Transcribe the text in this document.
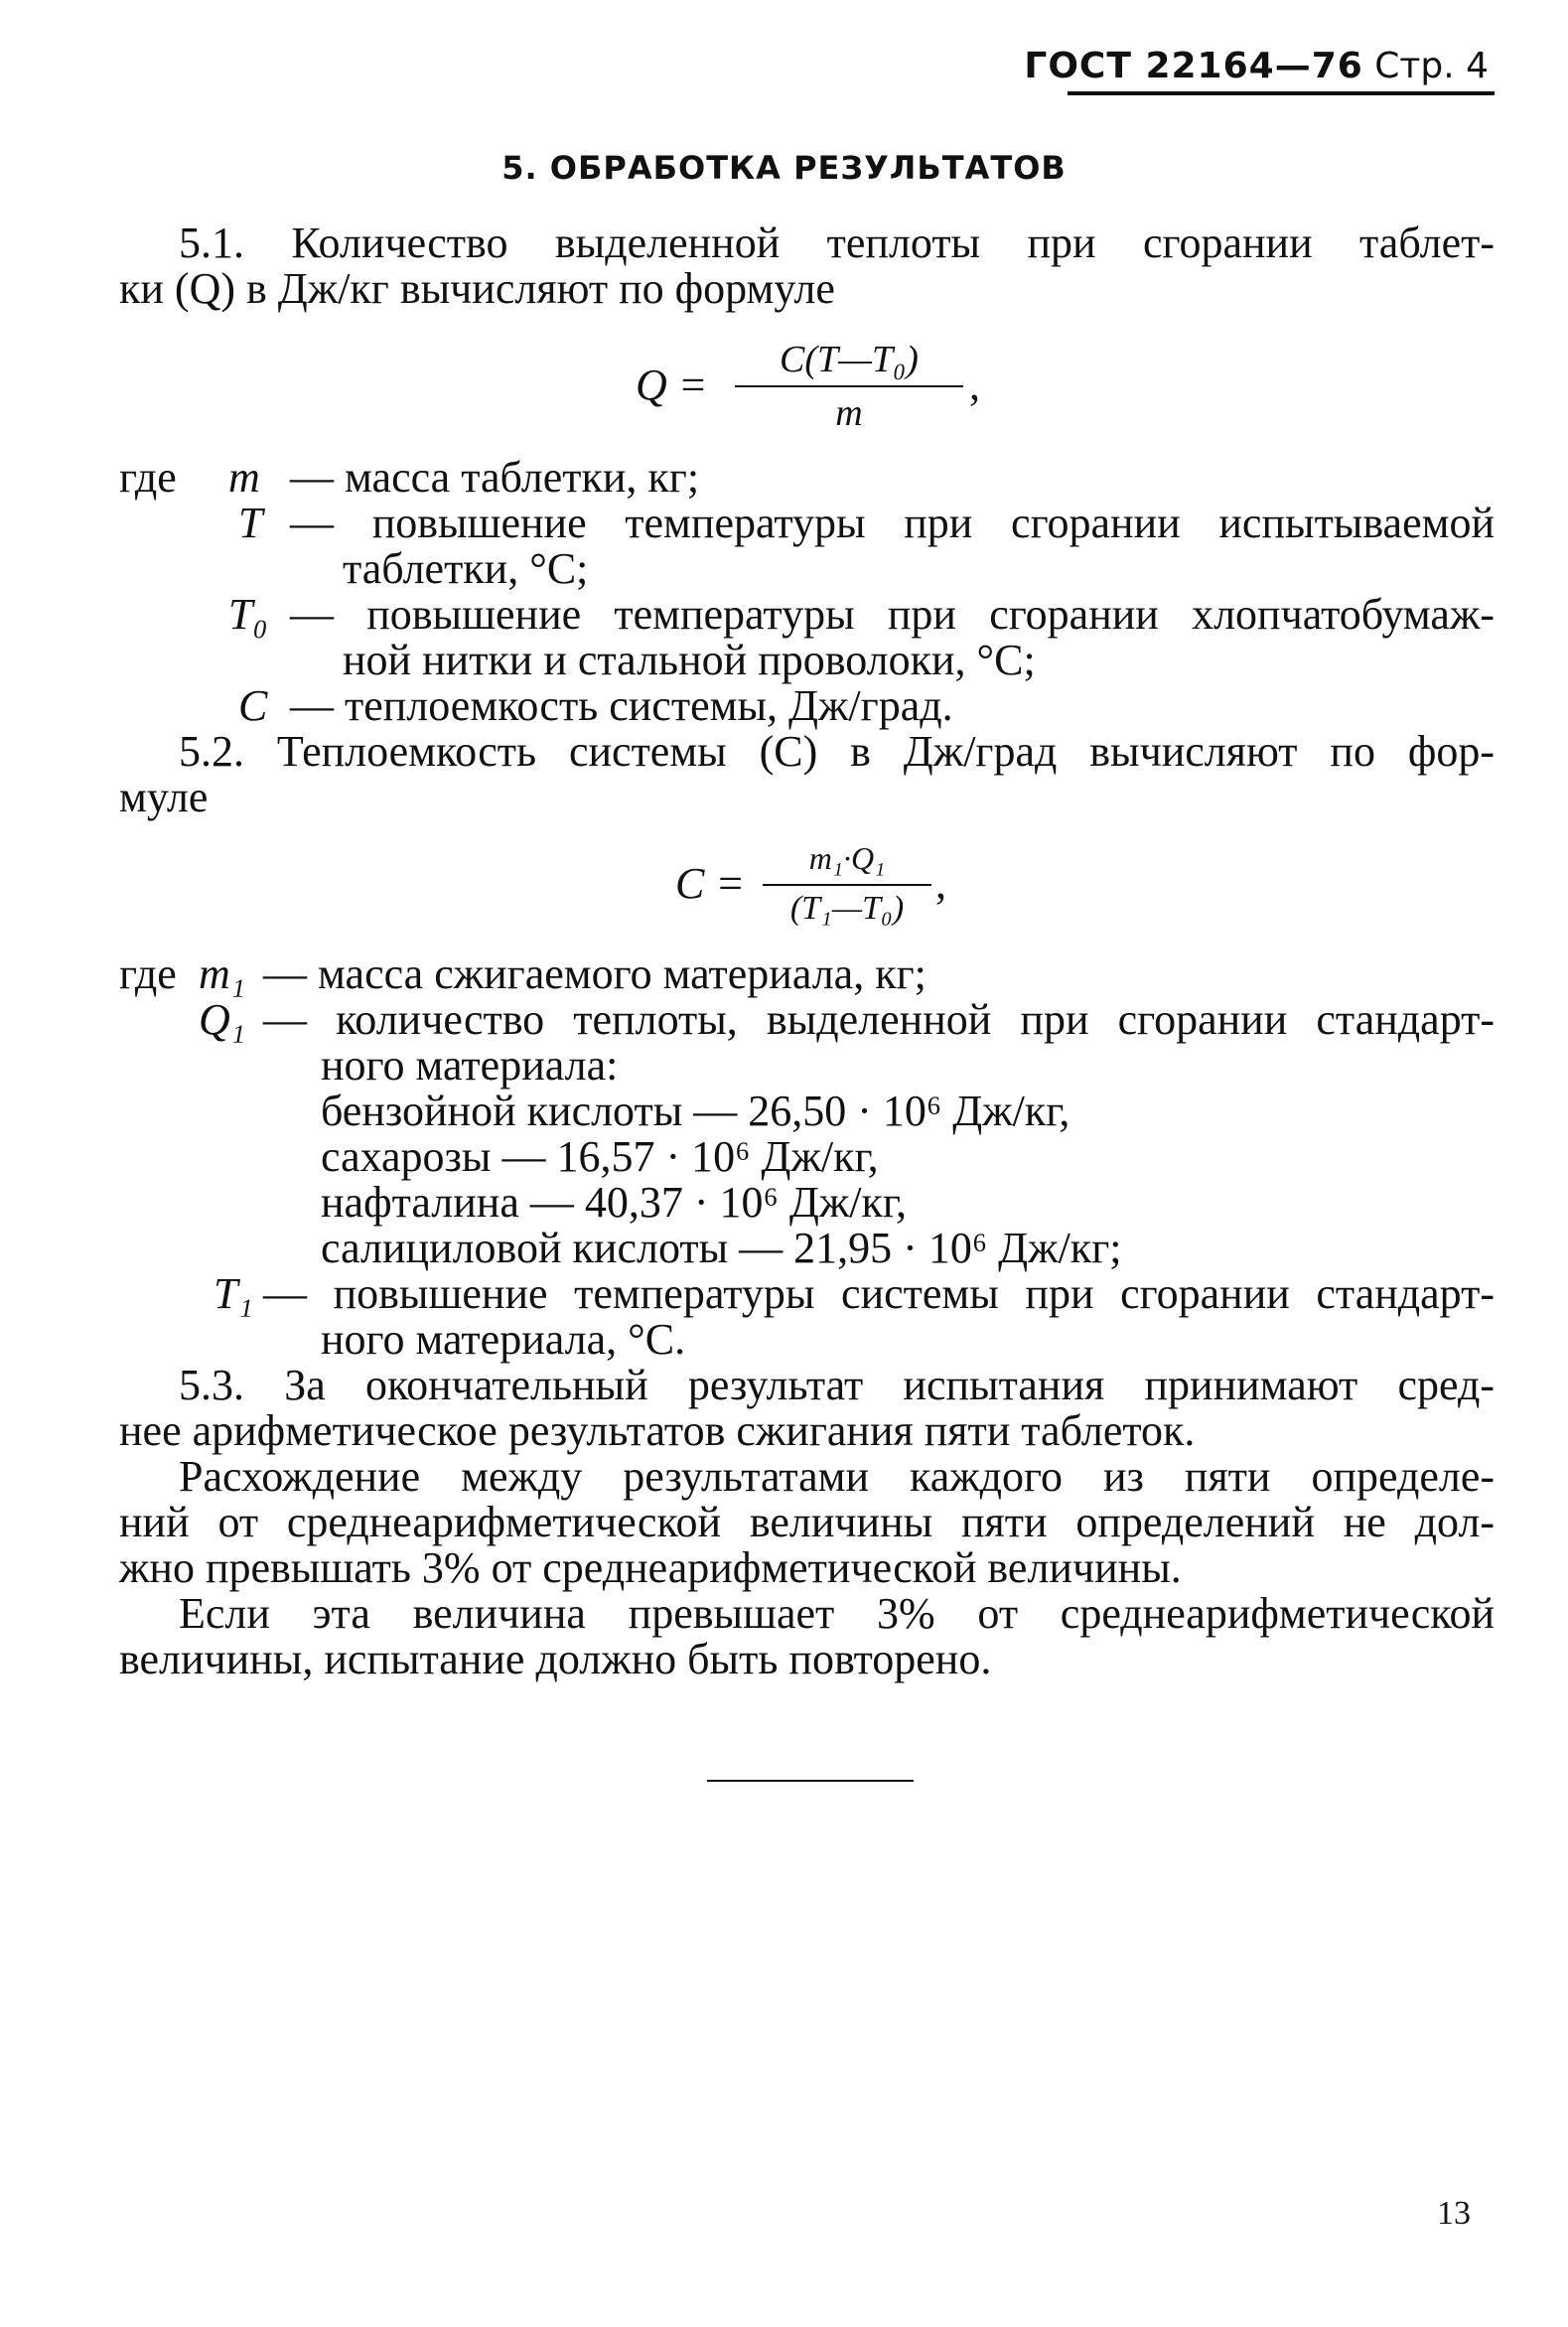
ГОСТ 22164—76 Стр. 4
5. ОБРАБОТКА РЕЗУЛЬТАТОВ
5.1. Количество выделенной теплоты при сгорании таблет-
ки (Q) в Дж/кг вычисляют по формуле
Q =
C(T—T₀)
m
,
где m — масса таблетки, кг;
T — повышение температуры при сгорании испытываемой
таблетки, °С;
T₀ — повышение температуры при сгорании хлопчатобумаж-
ной нитки и стальной проволоки, °С;
C — теплоемкость системы, Дж/град.
5.2. Теплоемкость системы (C) в Дж/град вычисляют по фор-
муле
C =
m₁·Q₁
(T₁—T₀)
,
где m₁ — масса сжигаемого материала, кг;
Q₁ — количество теплоты, выделенной при сгорании стандарт-
ного материала:
бензойной кислоты — 26,50 · 10⁶ Дж/кг,
сахарозы — 16,57 · 10⁶ Дж/кг,
нафталина — 40,37 · 10⁶ Дж/кг,
салициловой кислоты — 21,95 · 10⁶ Дж/кг;
T₁ — повышение температуры системы при сгорании стандарт-
ного материала, °С.
5.3. За окончательный результат испытания принимают сред-
нее арифметическое результатов сжигания пяти таблеток.
Расхождение между результатами каждого из пяти определе-
ний от среднеарифметической величины пяти определений не дол-
жно превышать 3% от среднеарифметической величины.
Если эта величина превышает 3% от среднеарифметической
величины, испытание должно быть повторено.
13
